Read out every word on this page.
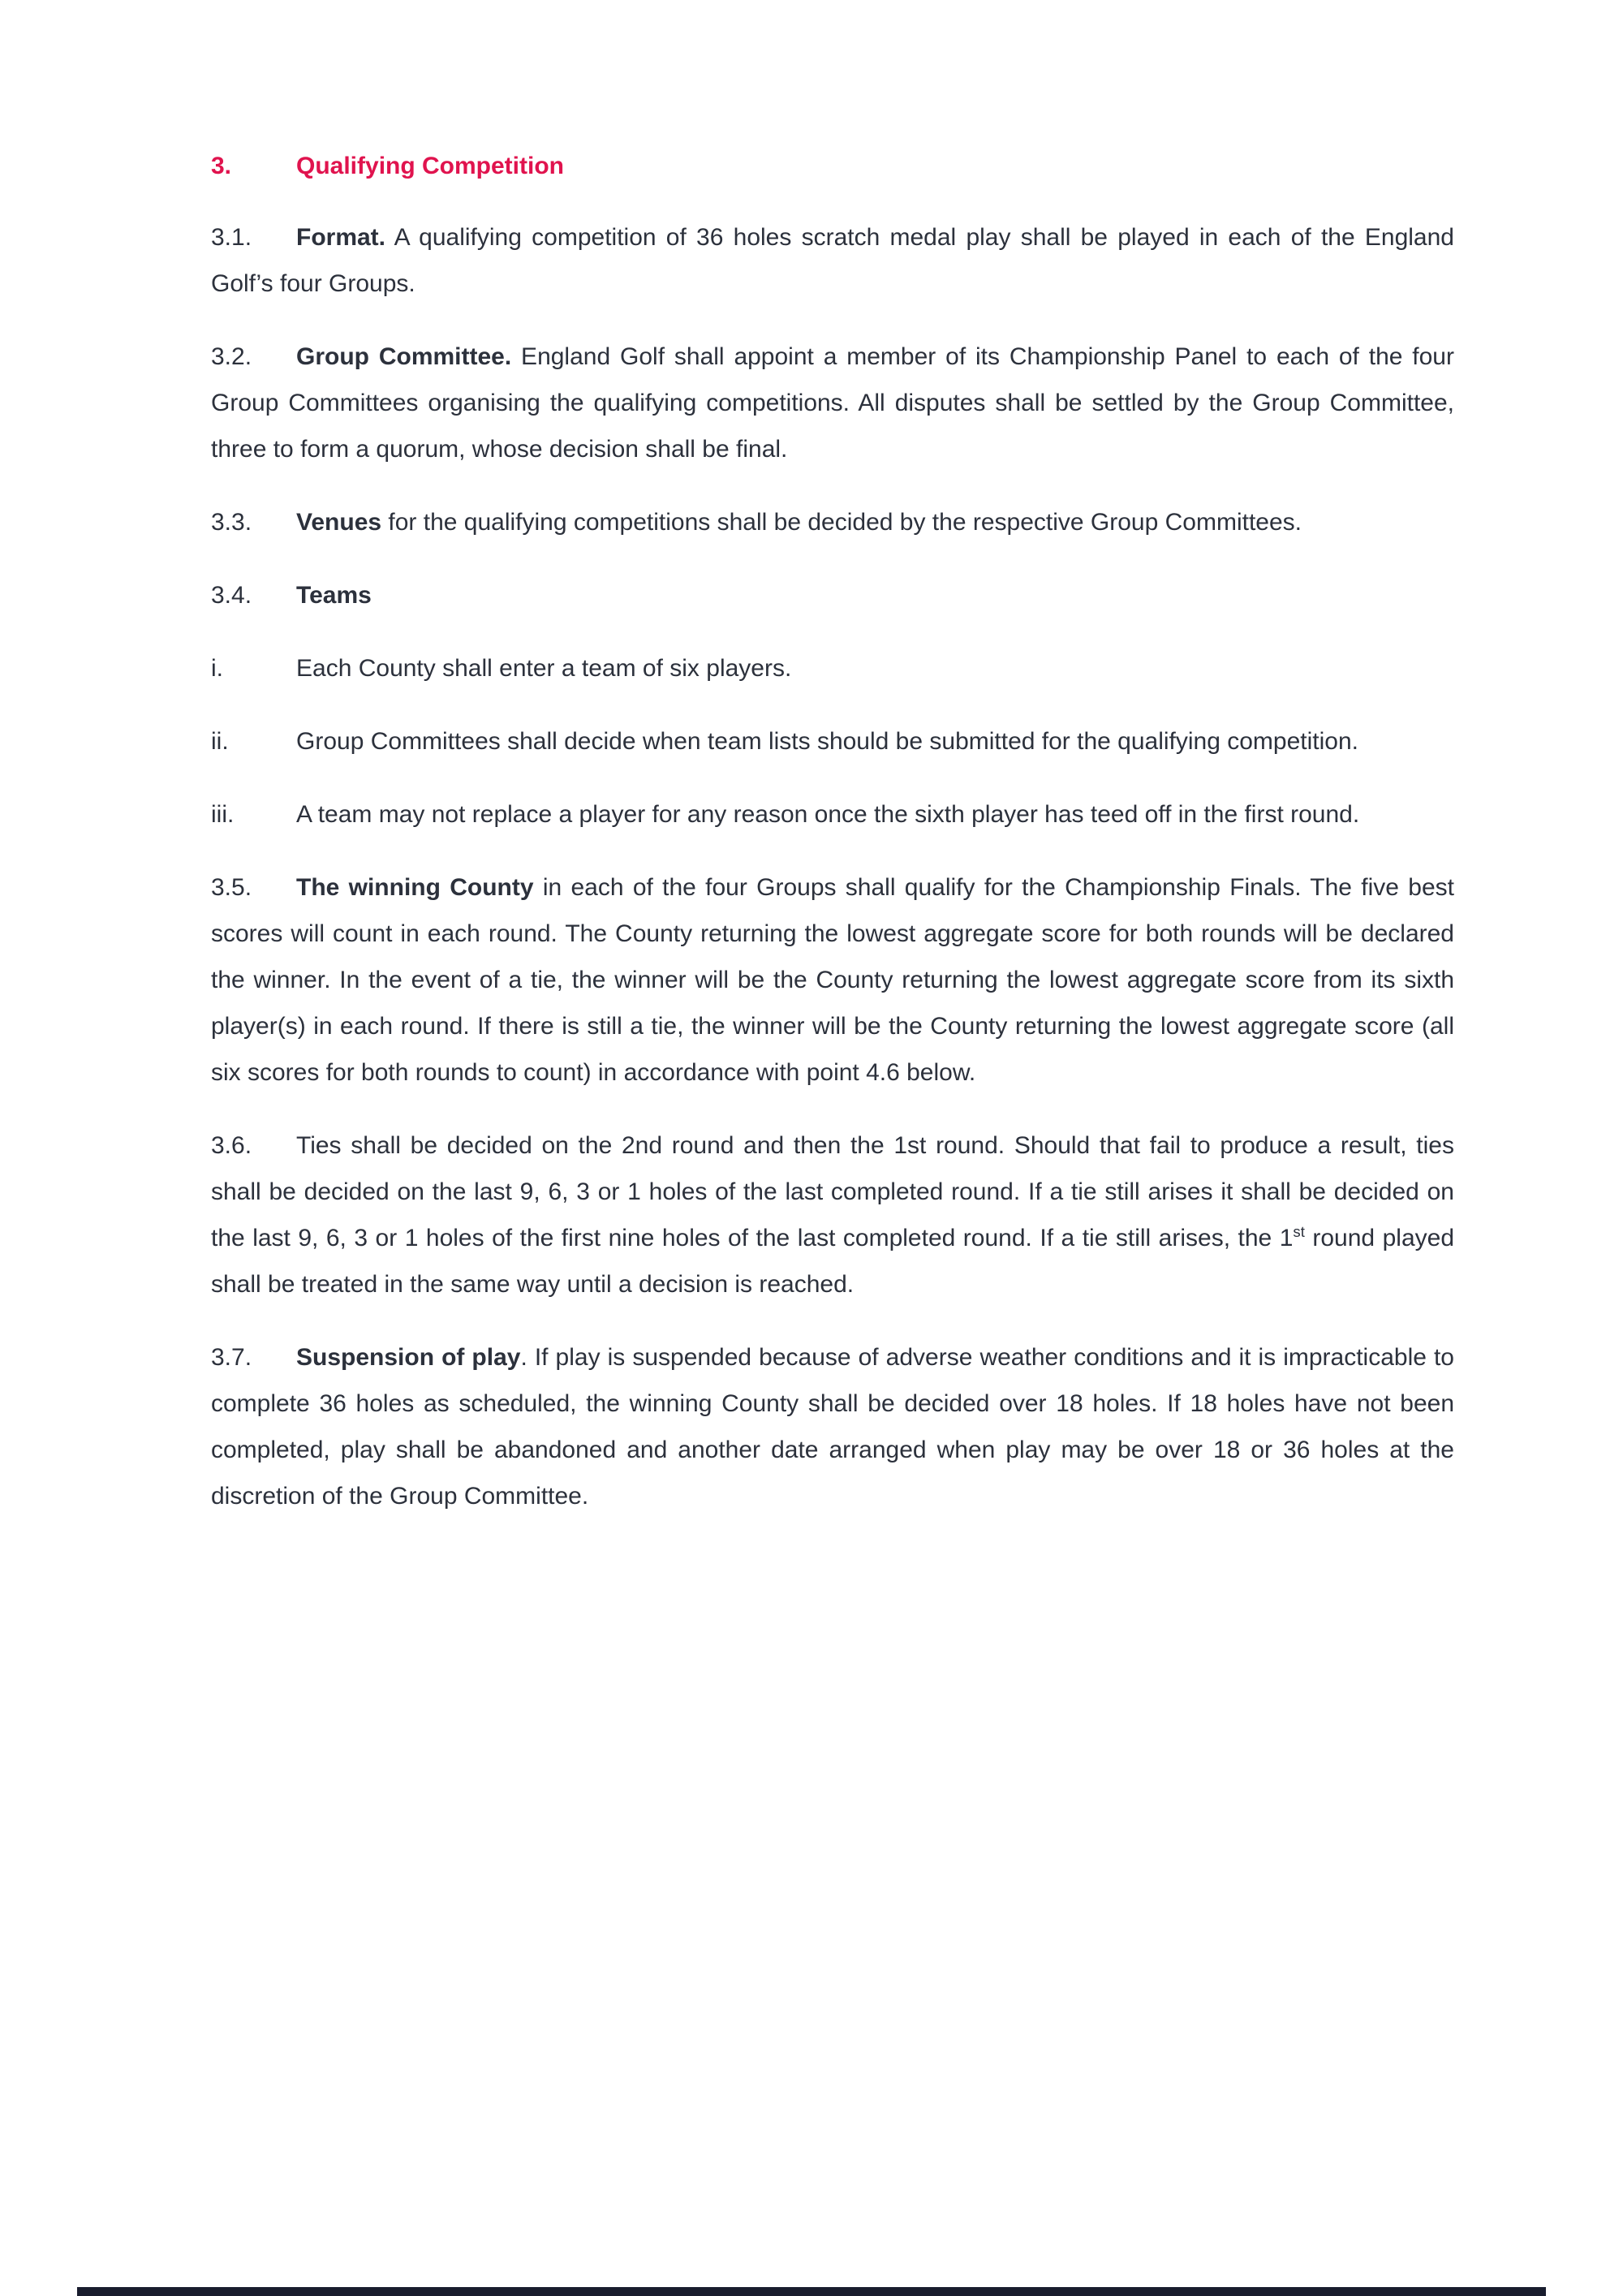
3.	Qualifying Competition

3.1. Format. A qualifying competition of 36 holes scratch medal play shall be played in each of the England Golf’s four Groups.

3.2. Group Committee. England Golf shall appoint a member of its Championship Panel to each of the four Group Committees organising the qualifying competitions. All disputes shall be settled by the Group Committee, three to form a quorum, whose decision shall be final.

3.3. Venues for the qualifying competitions shall be decided by the respective Group Committees.

3.4. Teams

i.	Each County shall enter a team of six players.

ii.	Group Committees shall decide when team lists should be submitted for the qualifying competition.

iii.	A team may not replace a player for any reason once the sixth player has teed off in the first round.

3.5. The winning County in each of the four Groups shall qualify for the Championship Finals. The five best scores will count in each round. The County returning the lowest aggregate score for both rounds will be declared the winner. In the event of a tie, the winner will be the County returning the lowest aggregate score from its sixth player(s) in each round. If there is still a tie, the winner will be the County returning the lowest aggregate score (all six scores for both rounds to count) in accordance with point 4.6 below.

3.6. Ties shall be decided on the 2nd round and then the 1st round. Should that fail to produce a result, ties shall be decided on the last 9, 6, 3 or 1 holes of the last completed round. If a tie still arises it shall be decided on the last 9, 6, 3 or 1 holes of the first nine holes of the last completed round. If a tie still arises, the 1st round played shall be treated in the same way until a decision is reached.

3.7. Suspension of play. If play is suspended because of adverse weather conditions and it is impracticable to complete 36 holes as scheduled, the winning County shall be decided over 18 holes. If 18 holes have not been completed, play shall be abandoned and another date arranged when play may be over 18 or 36 holes at the discretion of the Group Committee.
